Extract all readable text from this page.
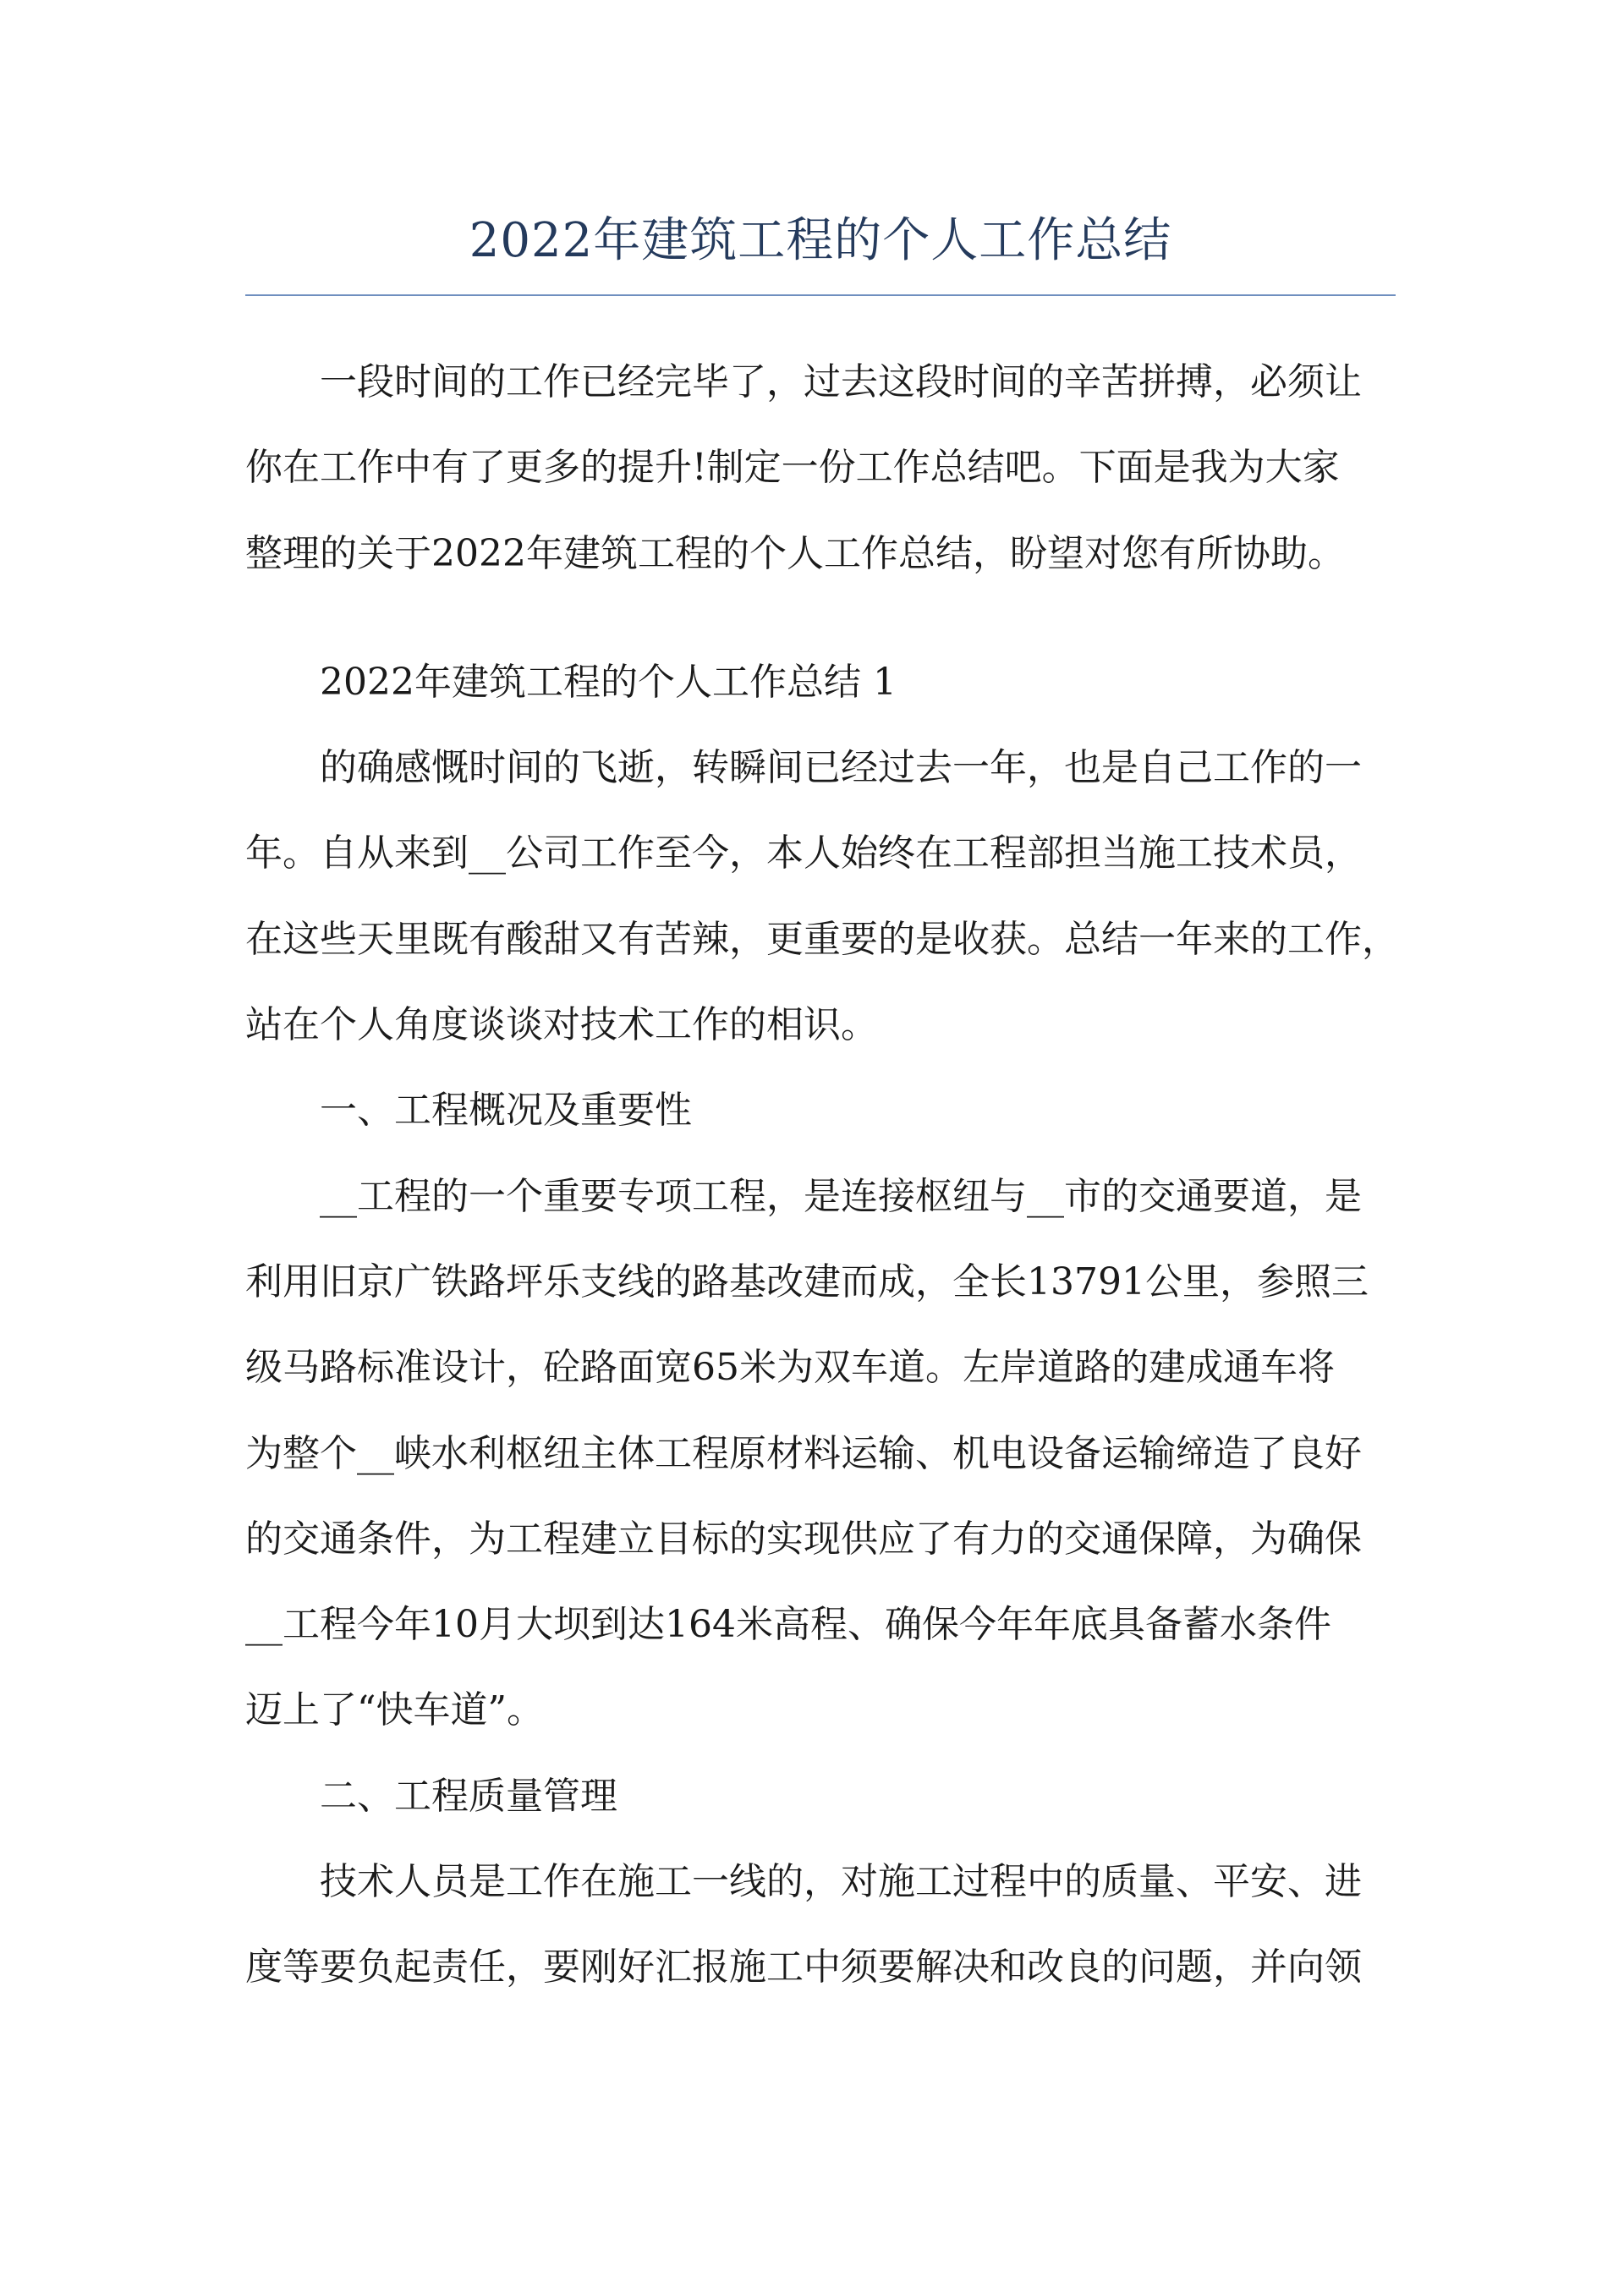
2022年建筑工程的个人工作总结
一段时间的工作已经完毕了，过去这段时间的辛苦拼搏，必须让
你在工作中有了更多的提升!制定一份工作总结吧。下面是我为大家
整理的关于2022年建筑工程的个人工作总结，盼望对您有所协助。
2022年建筑工程的个人工作总结 1
的确感慨时间的飞逝，转瞬间已经过去一年，也是自己工作的一
年。自从来到__公司工作至今，本人始终在工程部担当施工技术员，
在这些天里既有酸甜又有苦辣，更重要的是收获。总结一年来的工作，
站在个人角度谈谈对技术工作的相识。
一、工程概况及重要性
__工程的一个重要专项工程，是连接枢纽与__市的交通要道，是
利用旧京广铁路坪乐支线的路基改建而成，全长13791公里，参照三
级马路标准设计，砼路面宽65米为双车道。左岸道路的建成通车将
为整个__峡水利枢纽主体工程原材料运输、机电设备运输缔造了良好
的交通条件，为工程建立目标的实现供应了有力的交通保障，为确保
__工程今年10月大坝到达164米高程、确保今年年底具备蓄水条件
迈上了“快车道”。
二、工程质量管理
技术人员是工作在施工一线的，对施工过程中的质量、平安、进
度等要负起责任，要刚好汇报施工中须要解决和改良的问题，并向领
